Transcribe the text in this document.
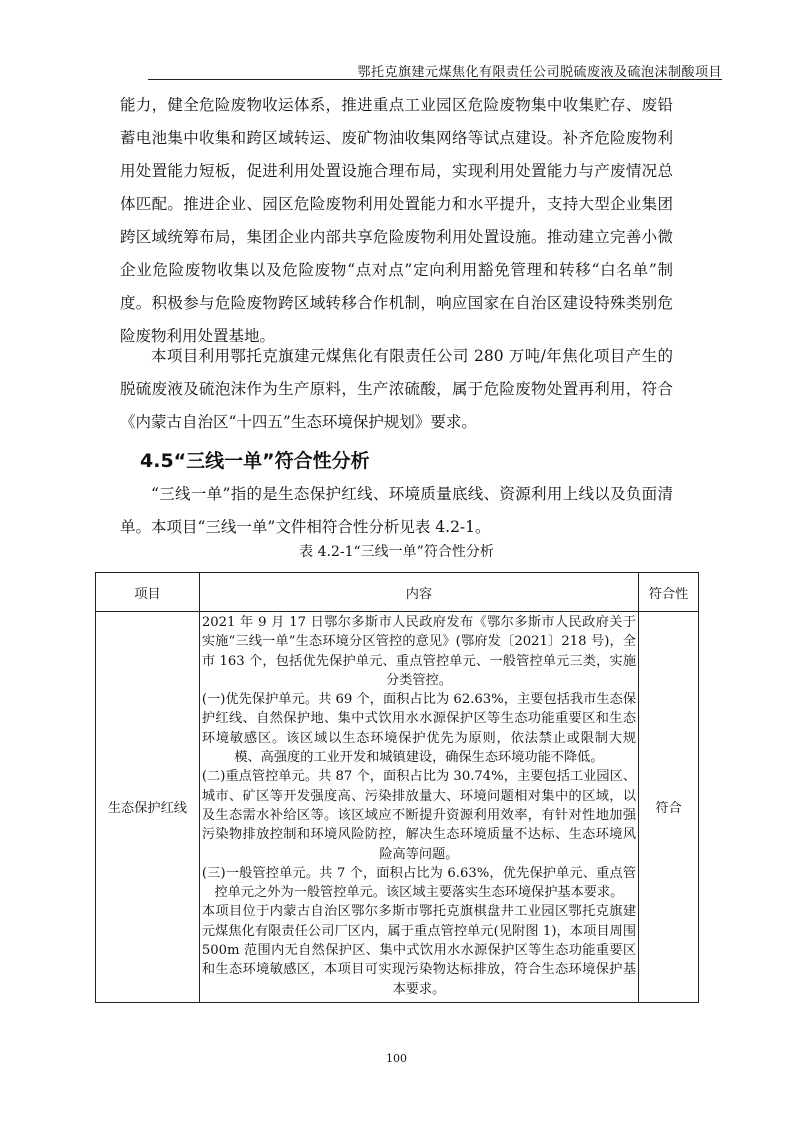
鄂托克旗建元煤焦化有限责任公司脱硫废液及硫泡沫制酸项目

能力，健全危险废物收运体系，推进重点工业园区危险废物集中收集贮存、废铅蓄电池集中收集和跨区域转运、废矿物油收集网络等试点建设。补齐危险废物利用处置能力短板，促进利用处置设施合理布局，实现利用处置能力与产废情况总体匹配。推进企业、园区危险废物利用处置能力和水平提升，支持大型企业集团跨区域统筹布局，集团企业内部共享危险废物利用处置设施。推动建立完善小微企业危险废物收集以及危险废物“点对点”定向利用豁免管理和转移“白名单”制度。积极参与危险废物跨区域转移合作机制，响应国家在自治区建设特殊类别危险废物利用处置基地。

本项目利用鄂托克旗建元煤焦化有限责任公司 280 万吨/年焦化项目产生的脱硫废液及硫泡沫作为生产原料，生产浓硫酸，属于危险废物处置再利用，符合《内蒙古自治区“十四五”生态环境保护规划》要求。

4.5“三线一单”符合性分析

“三线一单”指的是生态保护红线、环境质量底线、资源利用上线以及负面清单。本项目“三线一单”文件相符合性分析见表 4.2-1。

表 4.2-1“三线一单”符合性分析
项目	内容	符合性
生态保护红线	2021 年 9 月 17 日鄂尔多斯市人民政府发布《鄂尔多斯市人民政府关于实施“三线一单”生态环境分区管控的意见》(鄂府发〔2021〕218 号)，全市 163 个，包括优先保护单元、重点管控单元、一般管控单元三类，实施分类管控。

(一)优先保护单元。共 69 个，面积占比为 62.63%，主要包括我市生态保护红线、自然保护地、集中式饮用水水源保护区等生态功能重要区和生态环境敏感区。该区域以生态环境保护优先为原则，依法禁止或限制大规模、高强度的工业开发和城镇建设，确保生态环境功能不降低。

(二)重点管控单元。共 87 个，面积占比为 30.74%，主要包括工业园区、城市、矿区等开发强度高、污染排放量大、环境问题相对集中的区域，以及生态需水补给区等。该区域应不断提升资源利用效率，有针对性地加强污染物排放控制和环境风险防控，解决生态环境质量不达标、生态环境风险高等问题。

(三)一般管控单元。共 7 个，面积占比为 6.63%，优先保护单元、重点管控单元之外为一般管控单元。该区域主要落实生态环境保护基本要求。

本项目位于内蒙古自治区鄂尔多斯市鄂托克旗棋盘井工业园区鄂托克旗建元煤焦化有限责任公司厂区内，属于重点管控单元(见附图 1)，本项目周围 500m 范围内无自然保护区、集中式饮用水水源保护区等生态功能重要区和生态环境敏感区，本项目可实现污染物达标排放，符合生态环境保护基本要求。	符合
100
